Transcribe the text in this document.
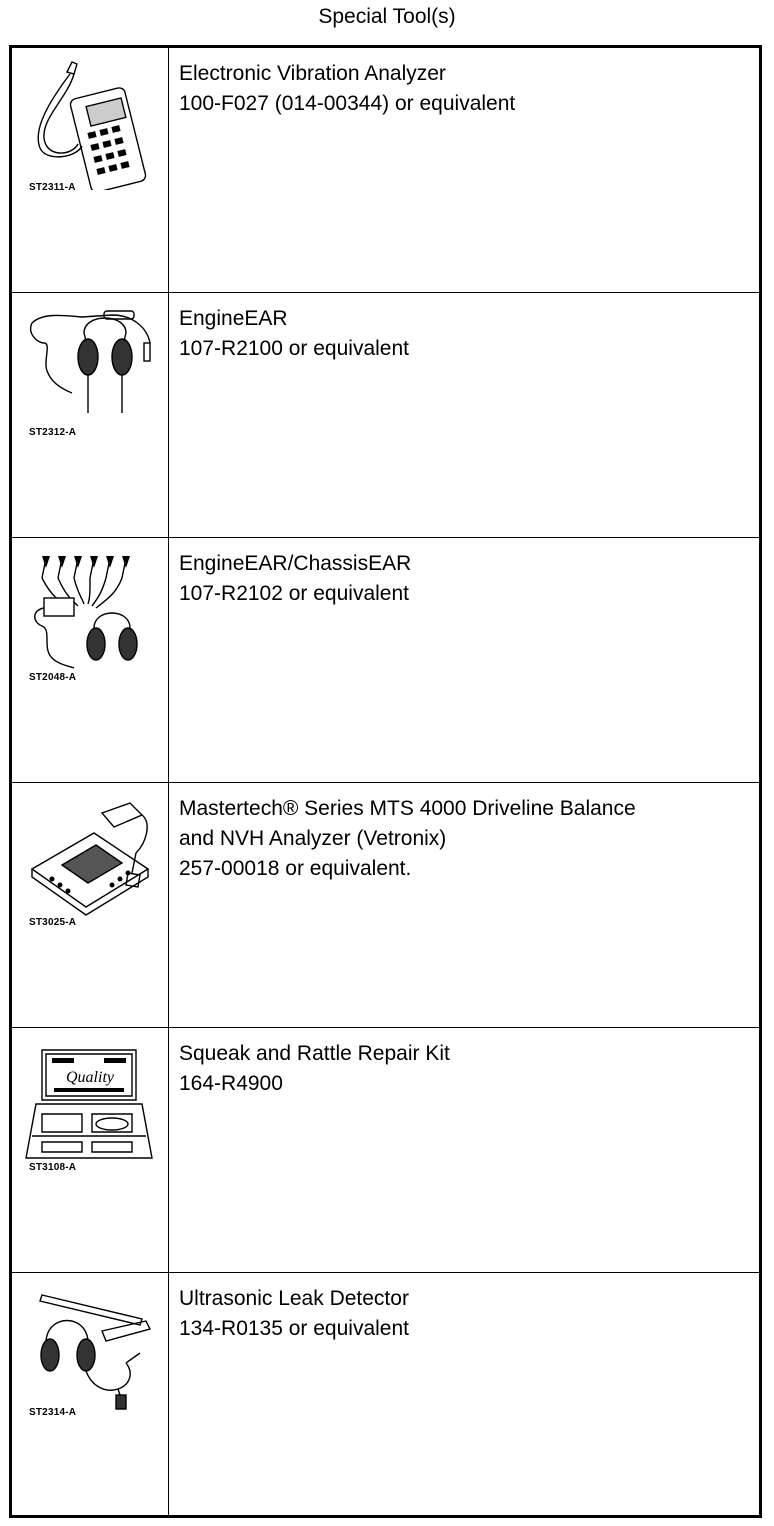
Special Tool(s)
ST2311-A
Electronic Vibration Analyzer
100-F027 (014-00344) or equivalent
ST2312-A
EngineEAR
107-R2100 or equivalent
ST2048-A
EngineEAR/ChassisEAR
107-R2102 or equivalent
ST3025-A
Mastertech® Series MTS 4000 Driveline Balance
and NVH Analyzer (Vetronix)
257-00018 or equivalent.
Quality
ST3108-A
Squeak and Rattle Repair Kit
164-R4900
ST2314-A
Ultrasonic Leak Detector
134-R0135 or equivalent
